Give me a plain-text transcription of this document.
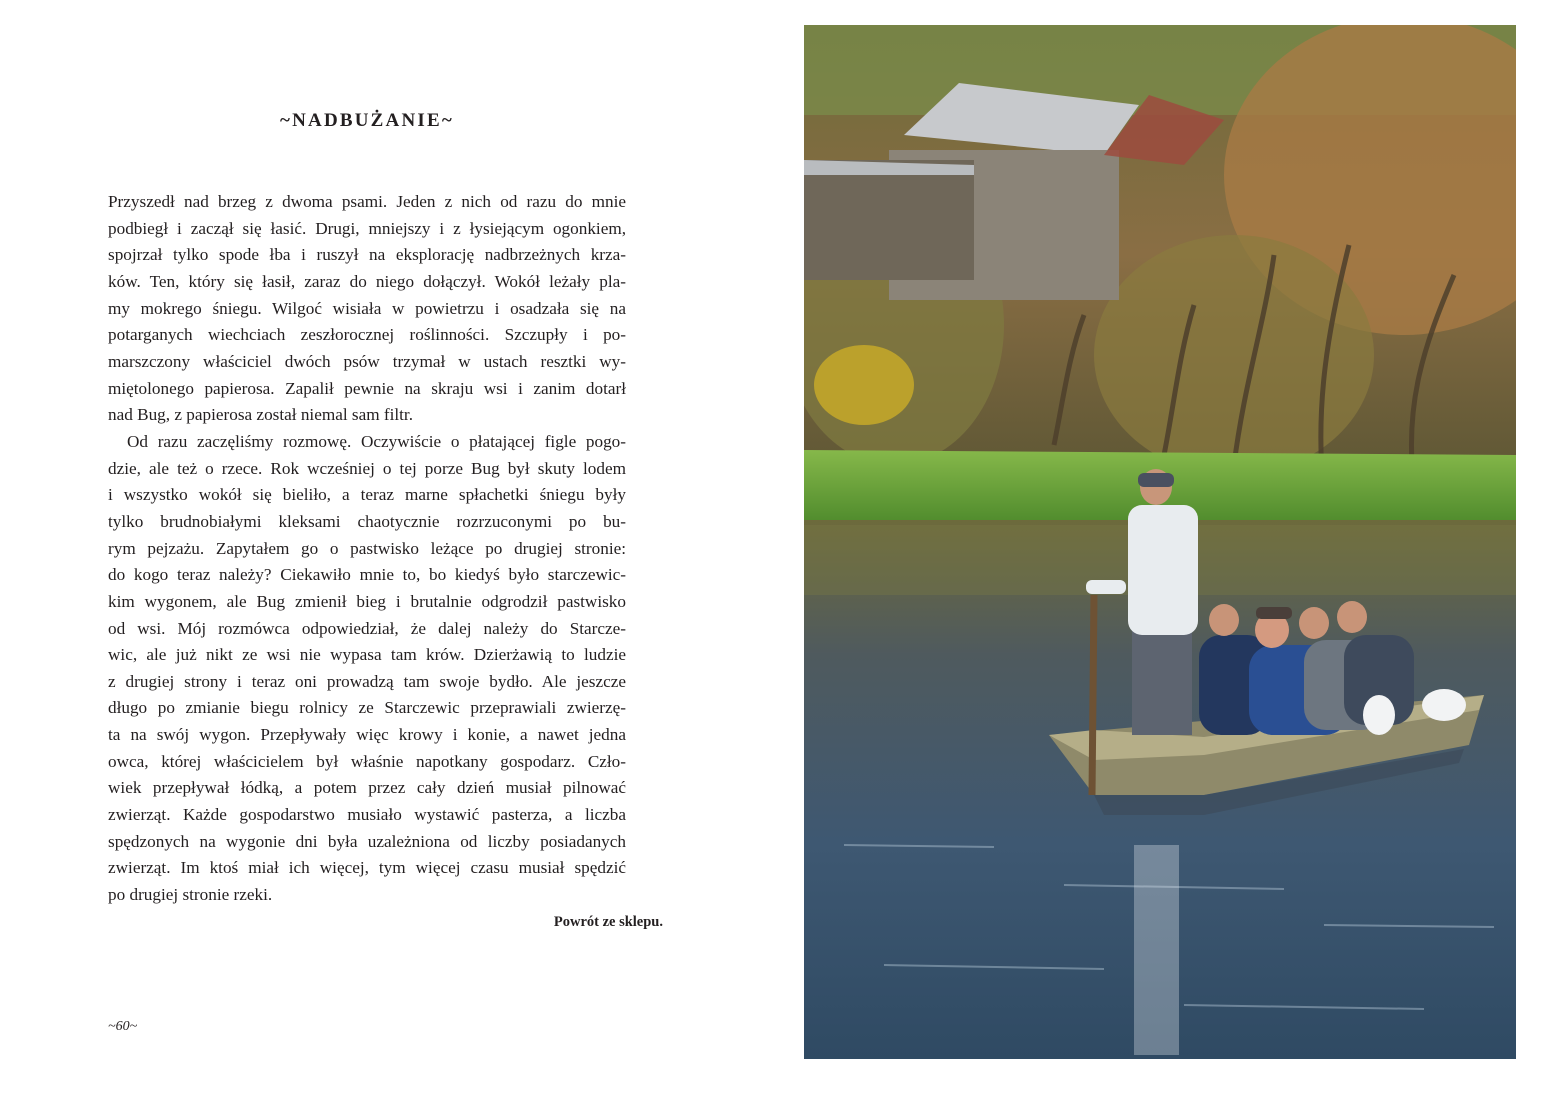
~NADBUŻANIE~
Przyszedł nad brzeg z dwoma psami. Jeden z nich od razu do mnie
podbiegł i zaczął się łasić. Drugi, mniejszy i z łysiejącym ogonkiem,
spojrzał tylko spode łba i ruszył na eksplorację nadbrzeżnych krza-
ków. Ten, który się łasił, zaraz do niego dołączył. Wokół leżały pla-
my mokrego śniegu. Wilgoć wisiała w powietrzu i osadzała się na
potarganych wiechciach zeszłorocznej roślinności. Szczupły i po-
marszczony właściciel dwóch psów trzymał w ustach resztki wy-
miętolonego papierosa. Zapalił pewnie na skraju wsi i zanim dotarł
nad Bug, z papierosa został niemal sam filtr.
Od razu zaczęliśmy rozmowę. Oczywiście o płatającej figle pogo-
dzie, ale też o rzece. Rok wcześniej o tej porze Bug był skuty lodem
i wszystko wokół się bieliło, a teraz marne spłachetki śniegu były
tylko brudnobiałymi kleksami chaotycznie rozrzuconymi po bu-
rym pejzażu. Zapytałem go o pastwisko leżące po drugiej stronie:
do kogo teraz należy? Ciekawiło mnie to, bo kiedyś było starczewic-
kim wygonem, ale Bug zmienił bieg i brutalnie odgrodził pastwisko
od wsi. Mój rozmówca odpowiedział, że dalej należy do Starcze-
wic, ale już nikt ze wsi nie wypasa tam krów. Dzierżawią to ludzie
z drugiej strony i teraz oni prowadzą tam swoje bydło. Ale jeszcze
długo po zmianie biegu rolnicy ze Starczewic przeprawiali zwierzę-
ta na swój wygon. Przepływały więc krowy i konie, a nawet jedna
owca, której właścicielem był właśnie napotkany gospodarz. Czło-
wiek przepływał łódką, a potem przez cały dzień musiał pilnować
zwierząt. Każde gospodarstwo musiało wystawić pasterza, a liczba
spędzonych na wygonie dni była uzależniona od liczby posiadanych
zwierząt. Im ktoś miał ich więcej, tym więcej czasu musiał spędzić
po drugiej stronie rzeki.

Powrót ze sklepu.

~60~
